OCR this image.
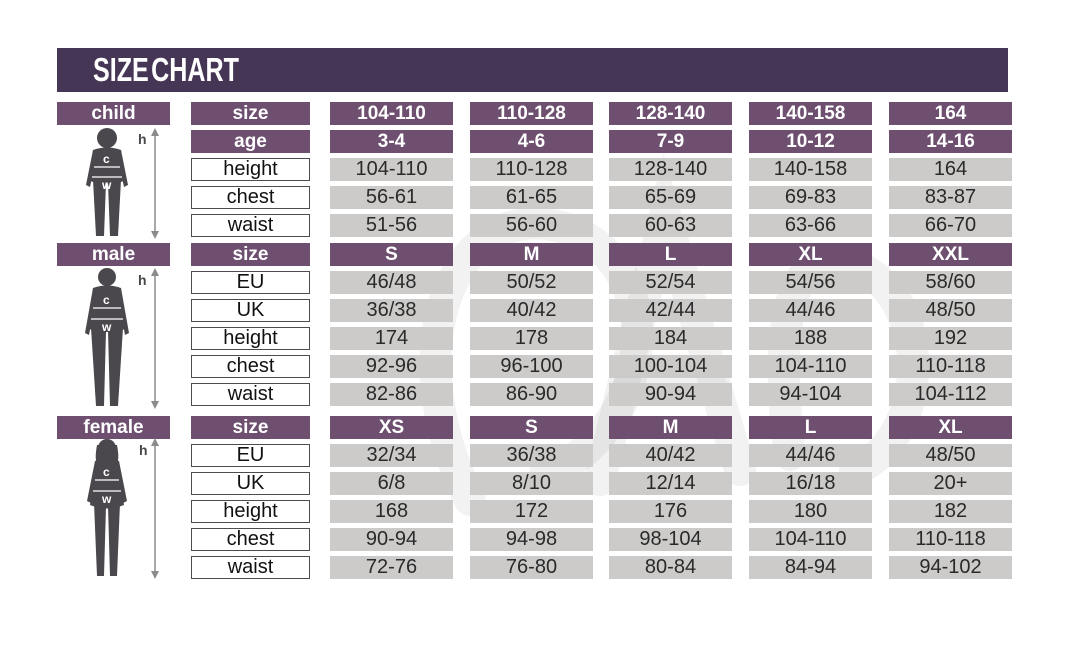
SIZE CHART
child
male
female
h
c
w
h
c
w
h
c
w
size	104-110	110-128	128-140	140-158	164
age	3-4	4-6	7-9	10-12	14-16
height	104-110	110-128	128-140	140-158	164
chest	56-61	61-65	65-69	69-83	83-87
waist	51-56	56-60	60-63	63-66	66-70
size	S	M	L	XL	XXL
EU	46/48	50/52	52/54	54/56	58/60
UK	36/38	40/42	42/44	44/46	48/50
height	174	178	184	188	192
chest	92-96	96-100	100-104	104-110	110-118
waist	82-86	86-90	90-94	94-104	104-112
size	XS	S	M	L	XL
EU	32/34	36/38	40/42	44/46	48/50
UK	6/8	8/10	12/14	16/18	20+
height	168	172	176	180	182
chest	90-94	94-98	98-104	104-110	110-118
waist	72-76	76-80	80-84	84-94	94-102
